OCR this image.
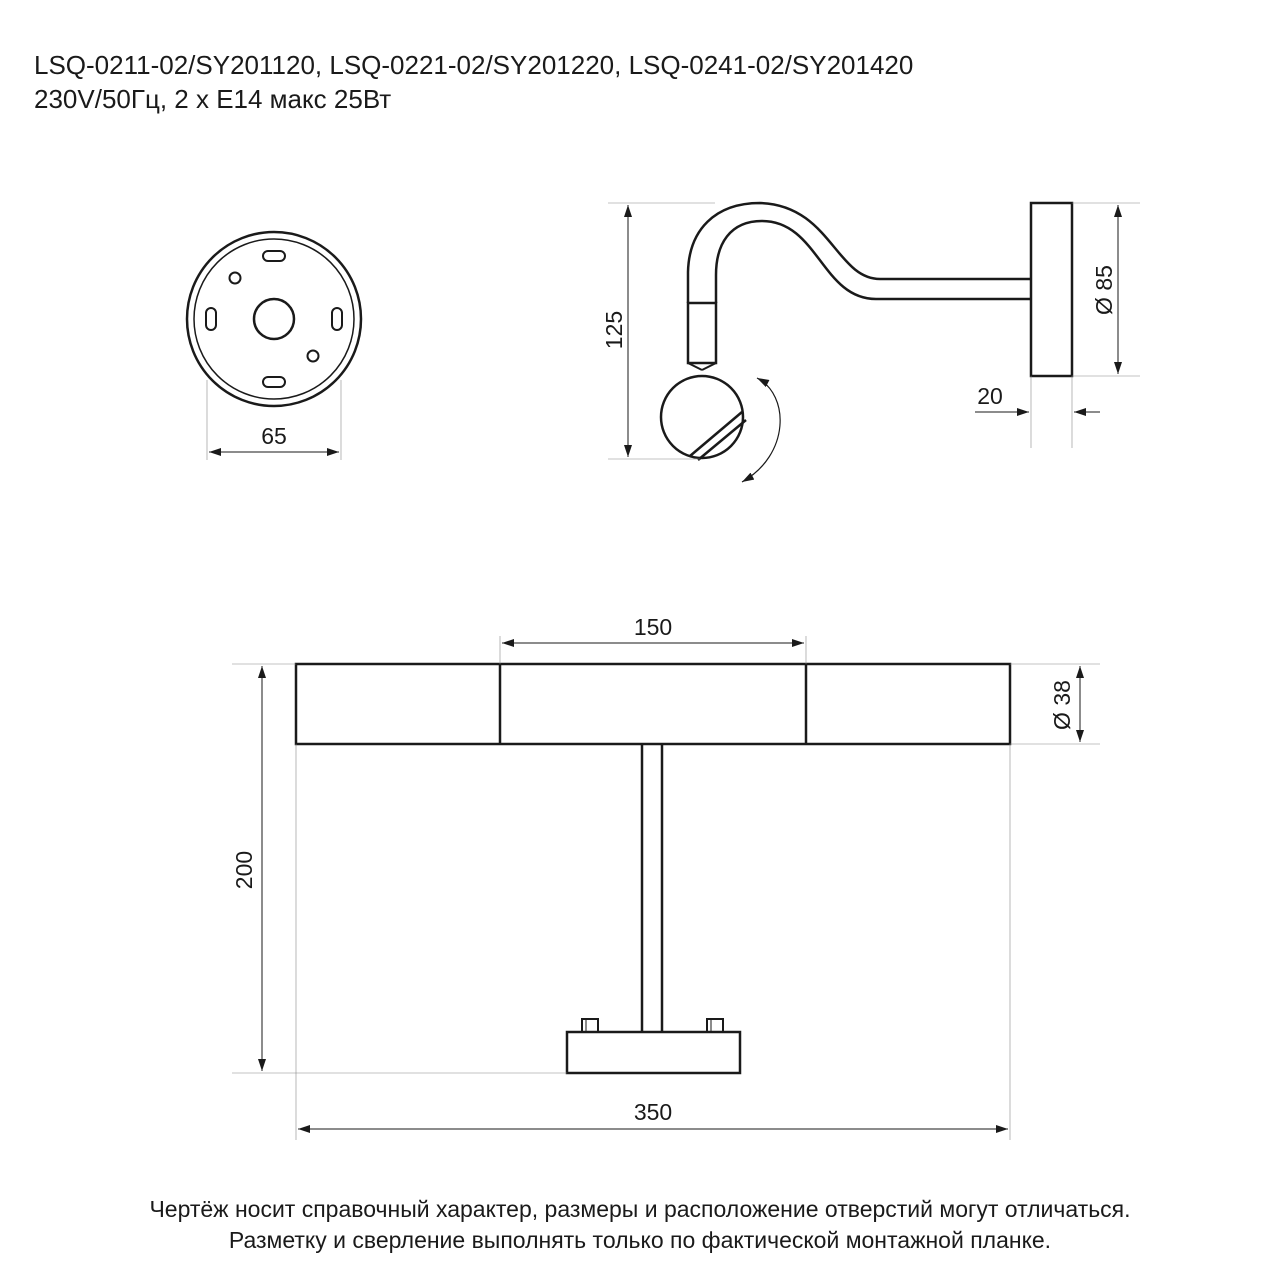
LSQ-0211-02/SY201120, LSQ-0221-02/SY201220, LSQ-0241-02/SY201420
230V/50Гц, 2 х E14 макс 25Вт
65
125
Ø 85
20
150
Ø 38
200
350
Чертёж носит справочный характер, размеры и расположение отверстий могут отличаться.
Разметку и сверление выполнять только по фактической монтажной планке.
